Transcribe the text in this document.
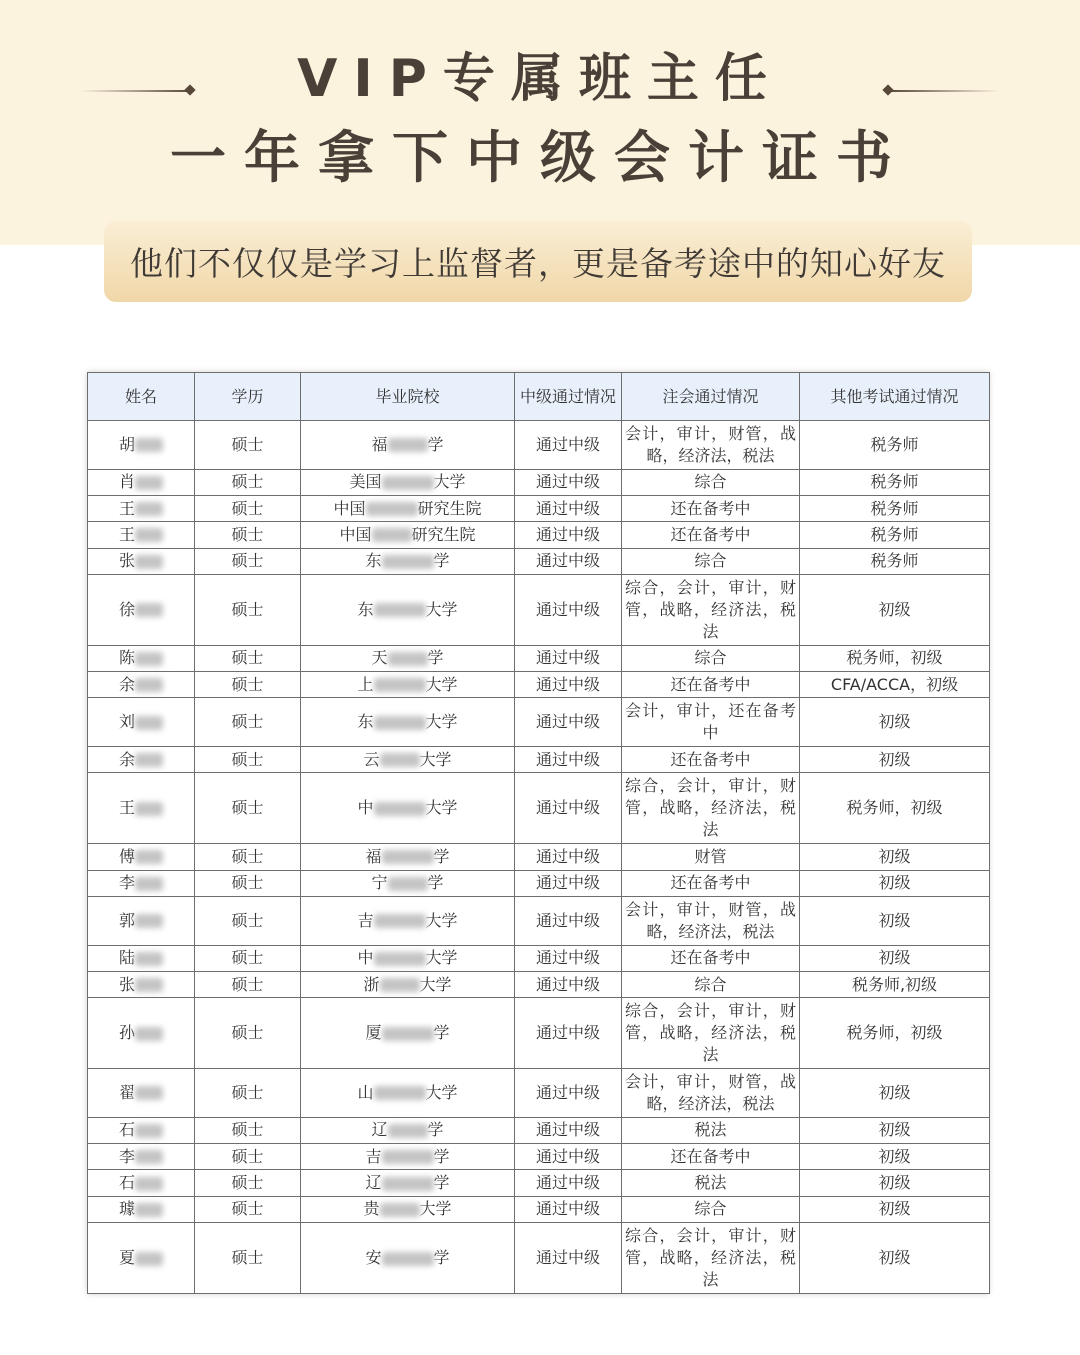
VIP专属班主任
一年拿下中级会计证书
他们不仅仅是学习上监督者，更是备考途中的知心好友
姓名	学历	毕业院校	中级通过情况	注会通过情况	其他考试通过情况
胡	硕士	福 学	通过中级	会计，审计，财管，战略，经济法，税法	税务师
肖	硕士	美国 大学	通过中级	综合	税务师
王	硕士	中国 研究生院	通过中级	还在备考中	税务师
王	硕士	中国 研究生院	通过中级	还在备考中	税务师
张	硕士	东 学	通过中级	综合	税务师
徐	硕士	东 大学	通过中级	综合，会计，审计，财管，战略，经济法，税法	初级
陈	硕士	天 学	通过中级	综合	税务师，初级
余	硕士	上 大学	通过中级	还在备考中	CFA/ACCA，初级
刘	硕士	东 大学	通过中级	会计，审计，还在备考中	初级
余	硕士	云 大学	通过中级	还在备考中	初级
王	硕士	中 大学	通过中级	综合，会计，审计，财管，战略，经济法，税法	税务师，初级
傅	硕士	福 学	通过中级	财管	初级
李	硕士	宁 学	通过中级	还在备考中	初级
郭	硕士	吉 大学	通过中级	会计，审计，财管，战略，经济法，税法	初级
陆	硕士	中 大学	通过中级	还在备考中	初级
张	硕士	浙 大学	通过中级	综合	税务师,初级
孙	硕士	厦 学	通过中级	综合，会计，审计，财管，战略，经济法，税法	税务师，初级
翟	硕士	山 大学	通过中级	会计，审计，财管，战略，经济法，税法	初级
石	硕士	辽 学	通过中级	税法	初级
李	硕士	吉 学	通过中级	还在备考中	初级
石	硕士	辽 学	通过中级	税法	初级
璩	硕士	贵 大学	通过中级	综合	初级
夏	硕士	安 学	通过中级	综合，会计，审计，财管，战略，经济法，税法	初级
